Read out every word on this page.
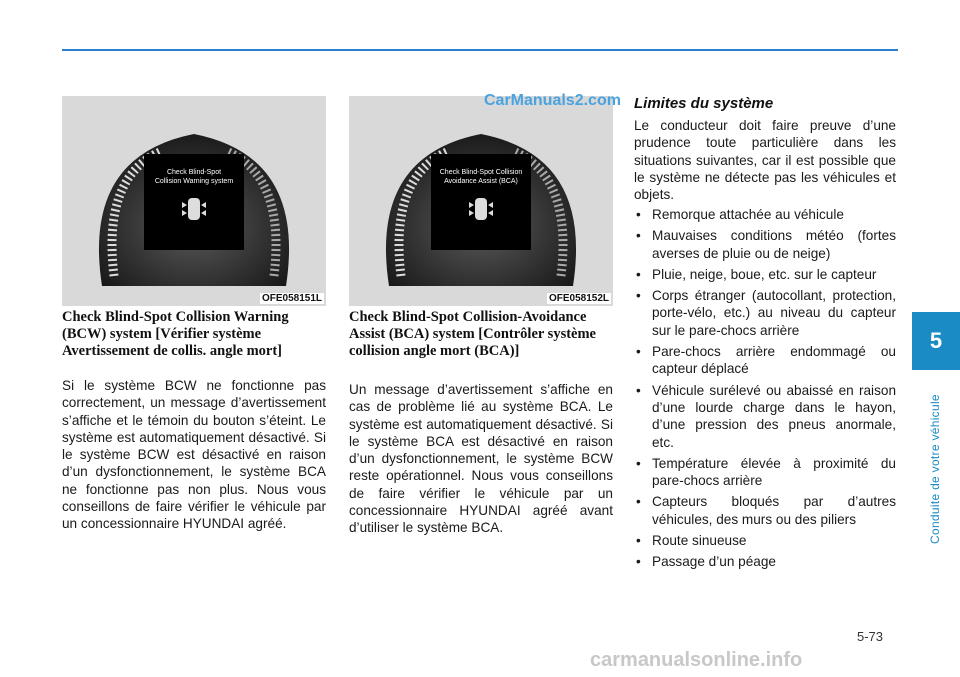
5
Conduite de votre véhicule
Check Blind-Spot
Collision Warning system
OFE058151L
Check Blind-Spot Collision
Avoidance Assist (BCA)
OFE058152L
CarManuals2.com
Check Blind-Spot Collision Warning (BCW) system [Vérifier système Avertissement de collis. angle mort]
Si le système BCW ne fonctionne pas correctement, un message d’avertissement s’affiche et le témoin du bouton s’éteint. Le système est automatiquement désactivé. Si le système BCW est désactivé en raison d’un dysfonctionnement, le système BCA ne fonctionne pas non plus. Nous vous conseillons de faire vérifier le véhicule par un concessionnaire HYUNDAI agréé.
Check Blind-Spot Collision-Avoidance Assist (BCA) system [Contrôler système collision angle mort (BCA)]
Un message d’avertissement s’affiche en cas de problème lié au système BCA. Le système est automatiquement désactivé. Si le système BCA est désactivé en raison d’un dysfonctionnement, le système BCW reste opérationnel. Nous vous conseillons de faire vérifier le véhicule par un concessionnaire HYUNDAI agréé avant d’utiliser le système BCA.
Limites du système
Le conducteur doit faire preuve d’une prudence toute particulière dans les situations suivantes, car il est possible que le système ne détecte pas les véhicules et objets.
• Remorque attachée au véhicule
• Mauvaises conditions météo (fortes averses de pluie ou de neige)
• Pluie, neige, boue, etc. sur le capteur
• Corps étranger (autocollant, protection, porte-vélo, etc.) au niveau du capteur sur le pare-chocs arrière
• Pare-chocs arrière endommagé ou capteur déplacé
• Véhicule surélevé ou abaissé en raison d’une lourde charge dans le hayon, d’une pression des pneus anormale, etc.
• Température élevée à proximité du pare-chocs arrière
• Capteurs bloqués par d’autres véhicules, des murs ou des piliers
• Route sinueuse
• Passage d’un péage
5-73
carmanualsonline.info
